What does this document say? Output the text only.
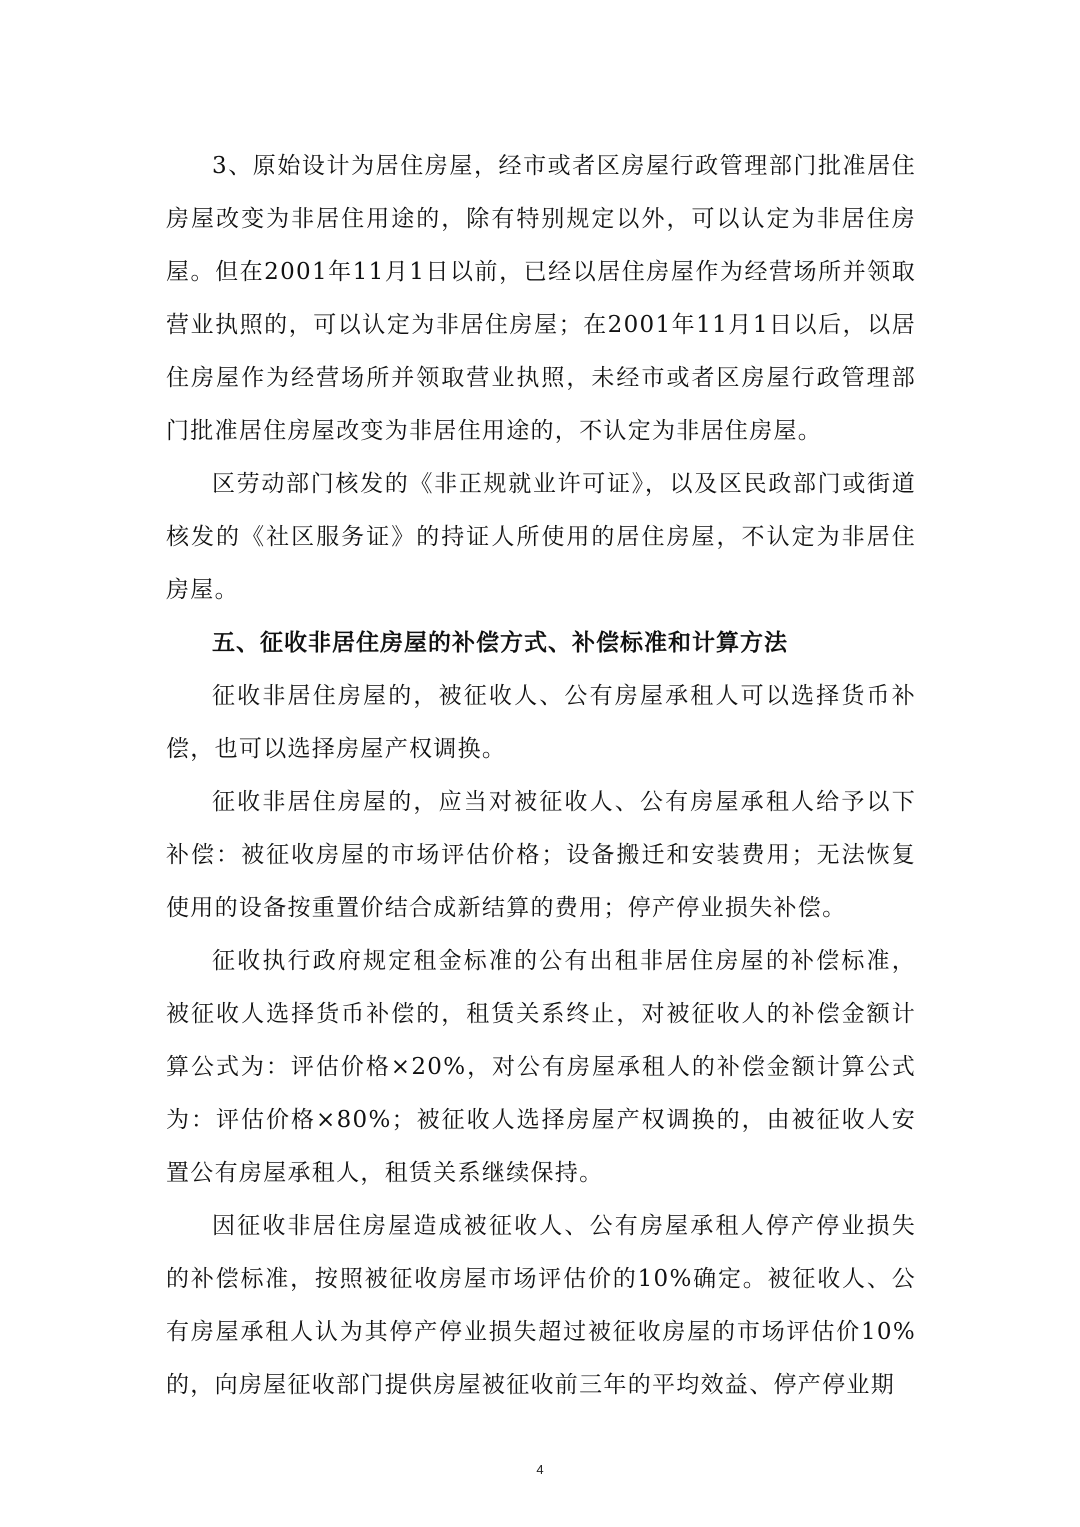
3、原始设计为居住房屋，经市或者区房屋行政管理部门批准居住房屋改变为非居住用途的，除有特别规定以外，可以认定为非居住房屋。但在2001年11月1日以前，已经以居住房屋作为经营场所并领取营业执照的，可以认定为非居住房屋；在2001年11月1日以后，以居住房屋作为经营场所并领取营业执照，未经市或者区房屋行政管理部门批准居住房屋改变为非居住用途的，不认定为非居住房屋。

区劳动部门核发的《非正规就业许可证》，以及区民政部门或街道核发的《社区服务证》的持证人所使用的居住房屋，不认定为非居住房屋。

五、征收非居住房屋的补偿方式、补偿标准和计算方法

征收非居住房屋的，被征收人、公有房屋承租人可以选择货币补偿，也可以选择房屋产权调换。

征收非居住房屋的，应当对被征收人、公有房屋承租人给予以下补偿：被征收房屋的市场评估价格；设备搬迁和安装费用；无法恢复使用的设备按重置价结合成新结算的费用；停产停业损失补偿。

征收执行政府规定租金标准的公有出租非居住房屋的补偿标准，被征收人选择货币补偿的，租赁关系终止，对被征收人的补偿金额计算公式为：评估价格×20%，对公有房屋承租人的补偿金额计算公式为：评估价格×80%；被征收人选择房屋产权调换的，由被征收人安置公有房屋承租人，租赁关系继续保持。

因征收非居住房屋造成被征收人、公有房屋承租人停产停业损失的补偿标准，按照被征收房屋市场评估价的10%确定。被征收人、公有房屋承租人认为其停产停业损失超过被征收房屋的市场评估价10%的，向房屋征收部门提供房屋被征收前三年的平均效益、停产停业期

4
